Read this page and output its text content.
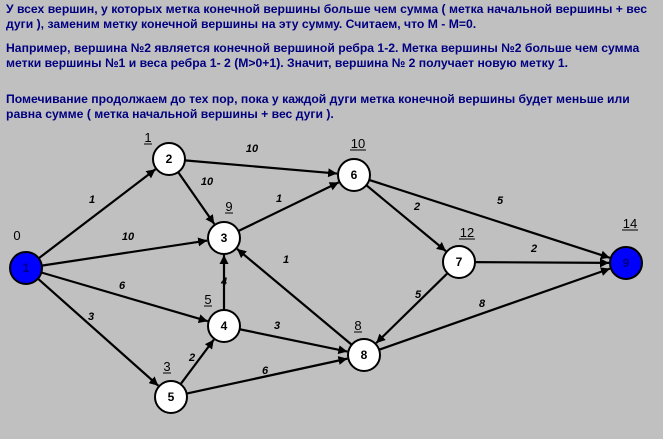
У всех вершин, у которых метка конечной вершины больше чем сумма ( метка начальной вершины + вес дуги ), заменим метку конечной вершины на эту сумму. Считаем, что М - М=0.

Например, вершина №2 является конечной вершиной ребра 1-2. Метка вершины №2 больше чем сумма метки вершины №1 и веса ребра 1- 2 (М>0+1). Значит, вершина № 2 получает новую метку 1.

Помечивание продолжаем до тех пор, пока у каждой дуги метка конечной вершины будет меньше или равна сумме ( метка начальной вершины + вес дуги ).

1
10
6
3
10
10
1
4
3
2
6
2	5
2
5
1
8
1
0
2
1
3
9
4
5
5
3
6
10
7
12
8
8
9
14
